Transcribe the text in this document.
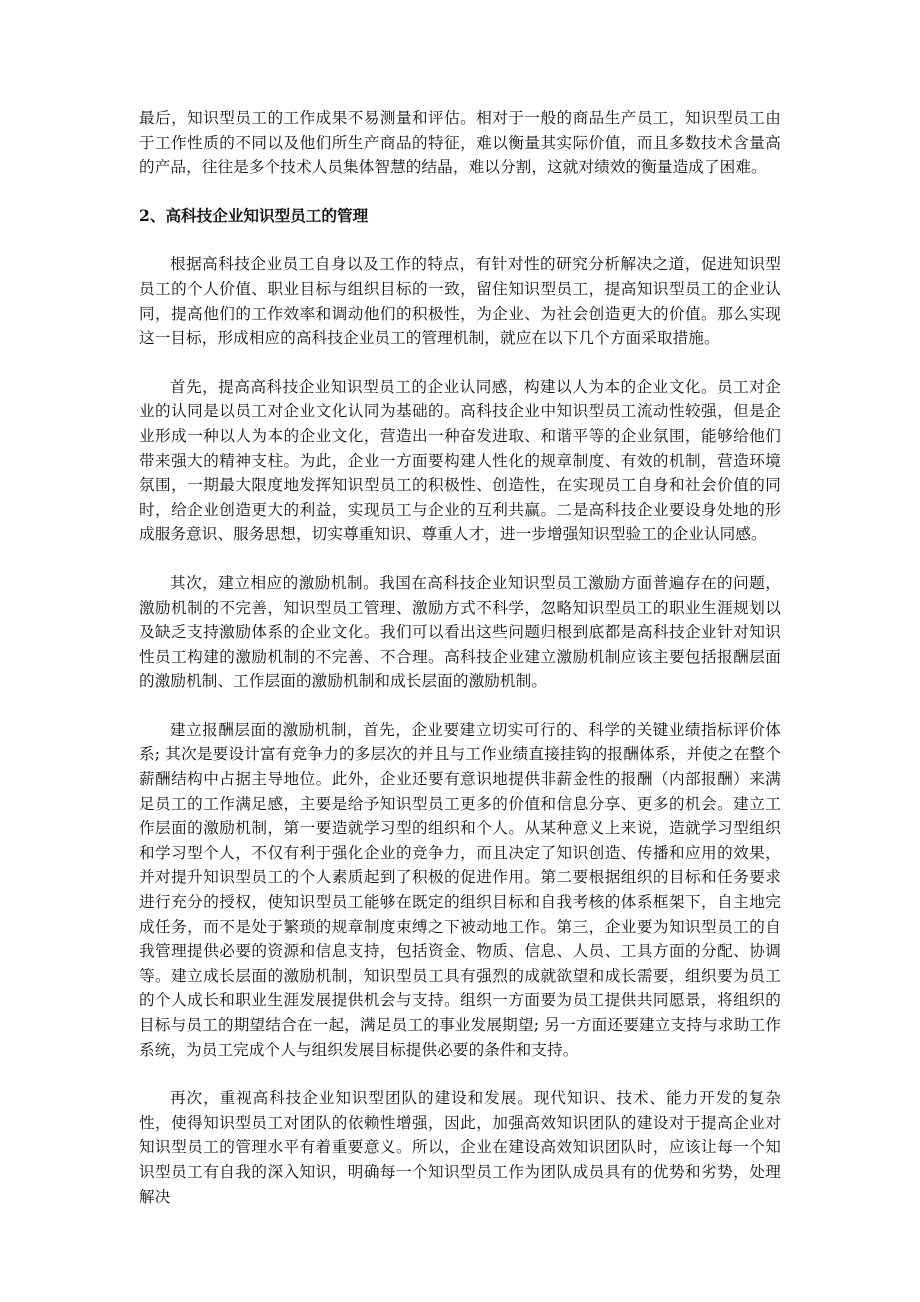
最后，知识型员工的工作成果不易测量和评估。相对于一般的商品生产员工，知识型员工由于工作性质的不同以及他们所生产商品的特征，难以衡量其实际价值，而且多数技术含量高的产品，往往是多个技术人员集体智慧的结晶，难以分割，这就对绩效的衡量造成了困难。

2、高科技企业知识型员工的管理

根据高科技企业员工自身以及工作的特点，有针对性的研究分析解决之道，促进知识型员工的个人价值、职业目标与组织目标的一致，留住知识型员工，提高知识型员工的企业认同，提高他们的工作效率和调动他们的积极性，为企业、为社会创造更大的价值。那么实现这一目标，形成相应的高科技企业员工的管理机制，就应在以下几个方面采取措施。

首先，提高高科技企业知识型员工的企业认同感，构建以人为本的企业文化。员工对企业的认同是以员工对企业文化认同为基础的。高科技企业中知识型员工流动性较强，但是企业形成一种以人为本的企业文化，营造出一种奋发进取、和谐平等的企业氛围，能够给他们带来强大的精神支柱。为此，企业一方面要构建人性化的规章制度、有效的机制，营造环境氛围，一期最大限度地发挥知识型员工的积极性、创造性，在实现员工自身和社会价值的同时，给企业创造更大的利益，实现员工与企业的互利共赢。二是高科技企业要设身处地的形成服务意识、服务思想，切实尊重知识、尊重人才，进一步增强知识型验工的企业认同感。

其次，建立相应的激励机制。我国在高科技企业知识型员工激励方面普遍存在的问题，激励机制的不完善，知识型员工管理、激励方式不科学，忽略知识型员工的职业生涯规划以及缺乏支持激励体系的企业文化。我们可以看出这些问题归根到底都是高科技企业针对知识性员工构建的激励机制的不完善、不合理。高科技企业建立激励机制应该主要包括报酬层面的激励机制、工作层面的激励机制和成长层面的激励机制。

建立报酬层面的激励机制，首先，企业要建立切实可行的、科学的关键业绩指标评价体系; 其次是要设计富有竞争力的多层次的并且与工作业绩直接挂钩的报酬体系，并使之在整个薪酬结构中占据主导地位。此外，企业还要有意识地提供非薪金性的报酬（内部报酬）来满足员工的工作满足感，主要是给予知识型员工更多的价值和信息分享、更多的机会。建立工作层面的激励机制，第一要造就学习型的组织和个人。从某种意义上来说，造就学习型组织和学习型个人，不仅有利于强化企业的竞争力，而且决定了知识创造、传播和应用的效果，并对提升知识型员工的个人素质起到了积极的促进作用。第二要根据组织的目标和任务要求进行充分的授权，使知识型员工能够在既定的组织目标和自我考核的体系框架下，自主地完成任务，而不是处于繁琐的规章制度束缚之下被动地工作。第三，企业要为知识型员工的自我管理提供必要的资源和信息支持，包括资金、物质、信息、人员、工具方面的分配、协调等。建立成长层面的激励机制，知识型员工具有强烈的成就欲望和成长需要，组织要为员工的个人成长和职业生涯发展提供机会与支持。组织一方面要为员工提供共同愿景，将组织的目标与员工的期望结合在一起，满足员工的事业发展期望; 另一方面还要建立支持与求助工作系统，为员工完成个人与组织发展目标提供必要的条件和支持。

再次，重视高科技企业知识型团队的建设和发展。现代知识、技术、能力开发的复杂性，使得知识型员工对团队的依赖性增强，因此，加强高效知识团队的建设对于提高企业对知识型员工的管理水平有着重要意义。所以，企业在建设高效知识团队时，应该让每一个知识型员工有自我的深入知识，明确每一个知识型员工作为团队成员具有的优势和劣势，处理解决
